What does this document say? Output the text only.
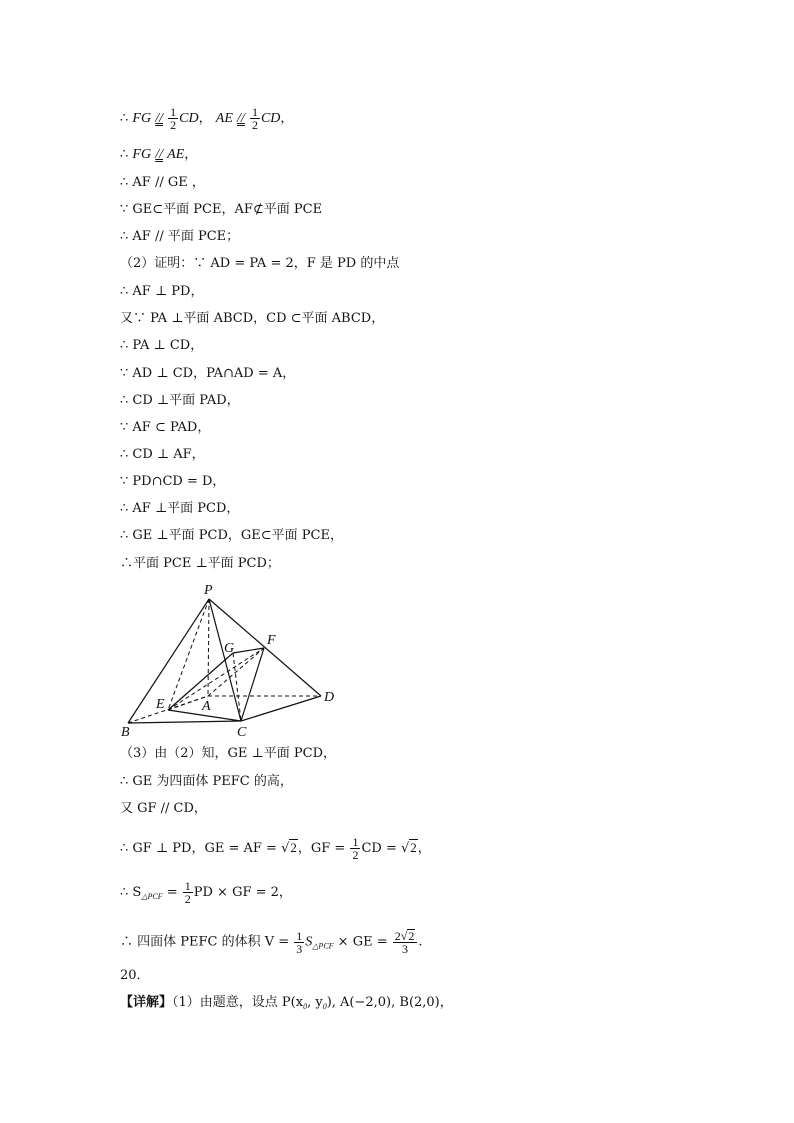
∴ FG // $\frac{1}{2}$ CD， AE // $\frac{1}{2}$ CD，
∴ FG // AE，
∴ AF // GE ，
∵ GE⊂平面 PCE，AF⊄平面 PCE
∴ AF // 平面 PCE；
（2）证明：∵ AD = PA = 2，F 是 PD 的中点
∴ AF ⊥ PD，
又∵ PA ⊥平面 ABCD，CD ⊂平面 ABCD，
∴ PA ⊥ CD，
∵ AD ⊥ CD，PA∩AD = A，
∴ CD ⊥平面 PAD，
∵ AF ⊂ PAD，
∴ CD ⊥ AF，
∵ PD∩CD = D，
∴ AF ⊥平面 PCD，
∴ GE ⊥平面 PCD，GE⊂平面 PCE，
∴平面 PCE ⊥平面 PCD；
P
G
F
E	A
D
B	C
（3）由（2）知，GE ⊥平面 PCD，
∴ GE 为四面体 PEFC 的高，
又 GF // CD，
∴ GF ⊥ PD，GE = AF = √2，GF = $\frac{1}{2}$ CD = √2，
∴ $S_{\triangle PCF} = \frac{1}{2}$ PD × GF = 2，
∴ 四面体 PEFC 的体积 $V = \frac{1}{3} S_{\triangle PCF}$ × GE = $\frac{2√2}{3}$ .
20．
【详解】（1）由题意，设点 $P(x_0$, $y_0$), A(−2,0), B(2,0)，
